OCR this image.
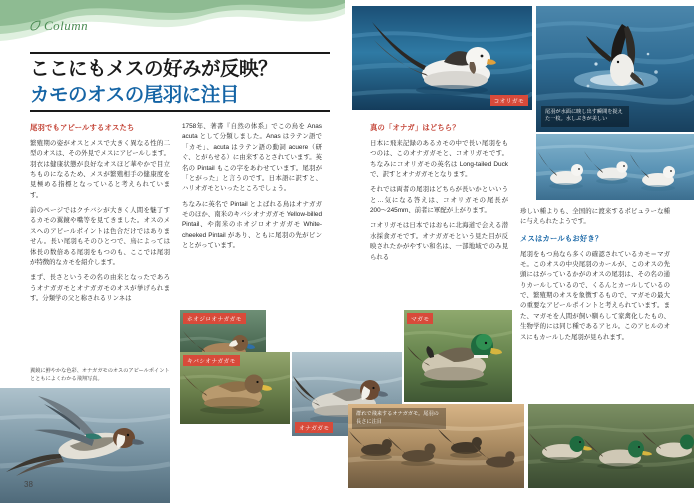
Column
ここにもメスの好みが反映？
カモのオスの尾羽に注目

尾羽でもアピールするオスたち

繁殖期の姿がオスとメスで大きく異なる性的二型のオスは、その外見でメスにアピールします。羽衣は健康状態が良好なオスほど華やかで目立ちものになるため、メスが繁殖相手の健康度を見極める指標となっていると考えられています。

前のページではクチバシが大きく人間を魅了するカモの翼鏡や嘴等を見てきました。オスのメスへのアピールポイントは色合だけではありません。長い尾羽もそのひとつで、鳥によっては体長の数倍ある尾羽をもつのも、ここでは尾羽が特徴的なカモを紹介します。

まず、長さというその名の由来となったであろうオナガガモとオナガガモのオスが挙げられます。分類学の父と称されるリンネは

1758年、著書『自然の体系』でこの鳥を Anas acuta として分類しました。Anas はラテン語で「カモ」、acuta はラテン語の動詞 acuere（研ぐ、とがらせる）に由来するとされています。英名の Pintail もこの字をあわせています。尾羽が「とがった」と言うのです。日本語に訳すと、ハリオガモといったところでしょう。

ちなみに英名で Pintail とよばれる鳥はオナガガモのほか、南米のキバシオナガガモ Yellow-billed Pintail、や南米のホオジロオナガガモ White-cheeked Pintail があり、ともに尾羽の先がピンととがっています。

真の「オナガ」はどちら？

日本に飛来記録のあるカモの中で長い尾羽をもつのは、このオナガガモと、コオリガモです。ちなみにコオリガモの英名は Long-tailed Duck で、訳すとオナガガモとなります。

それでは両者の尾羽はどちらが長いかといいうと…気になる答えは、コオリガモの尾長が200〜245mm、前者に軍配が上がります。

コオリガモは日本ではおもに北海道で会える潜水採食ガモです。オナガガモという見た目が反映されたかがやすい和名は、一部地域でのみ見られる

珍しい種よりも、全国的に渡来するポピュラーな種に与えられたようです。

メスはカールもお好き？

尾羽をもつ鳥なら多くの確認されているカモ＝マガモ。このオスの中央尾羽のカールが、このオスの先頭にはがっているかがのオスの尾羽は、その名の通りカールしているので、くるんとカールしているので、繁殖期のオスを象徴するもので、マガモの最大の重要なアピールポイントと考えられています。また、マガモを人間が飼い馴らして家禽化したもの、生物学的には同じ種であるアヒル。このアヒルのオスにもカールした尾羽が見られます。

コオリガモ
尾羽が水面に映し出す瞬間を捉えた一枚。水しぶきが美しい
ホオジロオナガガモ
キバシオナガガモ
オナガガモ
マガモ
群れで飛来するオナガガモ。尾羽の長さに注目
翼鏡に鮮やかな色彩、オナガガモのオスのアピールポイントとともによくわかる飛翔写真。
38
